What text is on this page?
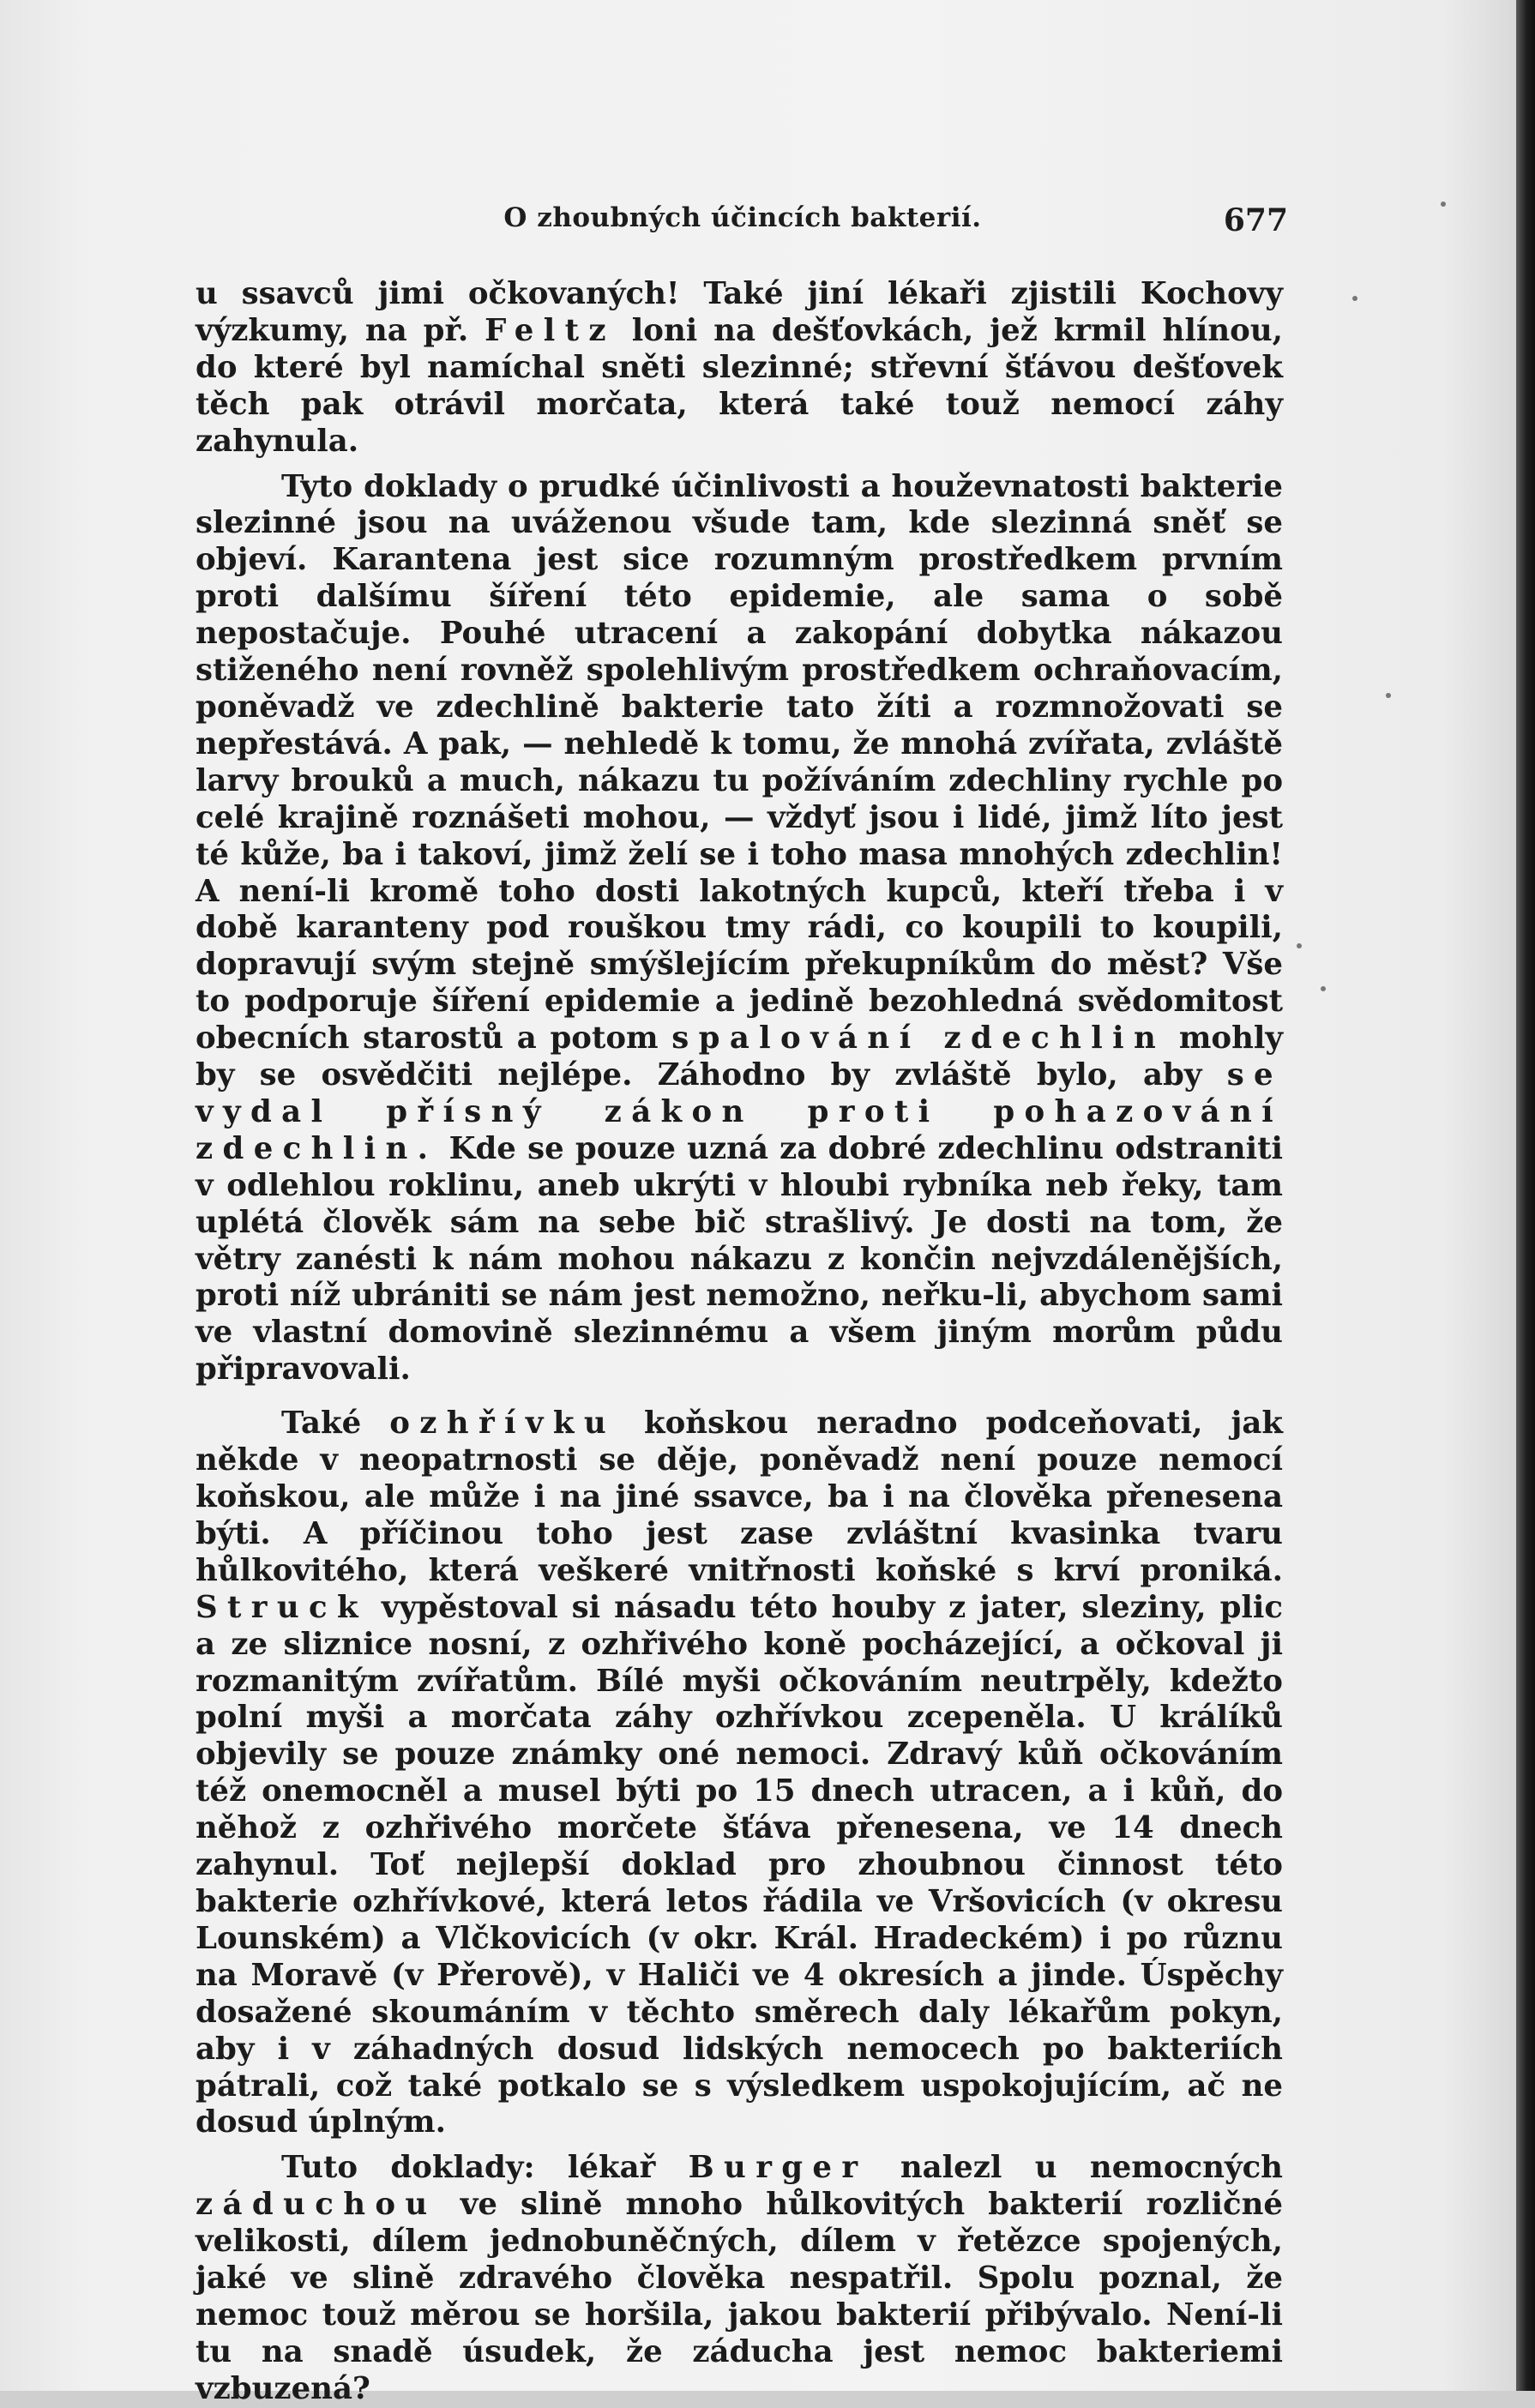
O zhoubných účincích bakterií.	677

u ssavců jimi očkovaných! Také jiní lékaři zjistili Kochovy výzkumy, na př. Feltz loni na dešťovkách, jež krmil hlínou, do které byl namíchal sněti slezinné; střevní šťávou dešťovek těch pak otrávil morčata, která také touž nemocí záhy zahynula.

Tyto doklady o prudké účinlivosti a houževnatosti bakterie slezinné jsou na uváženou všude tam, kde slezinná sněť se objeví. Karantena jest sice rozumným prostředkem prvním proti dalšímu šíření této epidemie, ale sama o sobě nepostačuje. Pouhé utracení a zakopání dobytka nákazou stiženého není rovněž spolehlivým prostředkem ochraňovacím, poněvadž ve zdechlině bakterie tato žíti a rozmnožovati se nepřestává. A pak, — nehledě k tomu, že mnohá zvířata, zvláště larvy brouků a much, nákazu tu požíváním zdechliny rychle po celé krajině roznášeti mohou, — vždyť jsou i lidé, jimž líto jest té kůže, ba i takoví, jimž želí se i toho masa mnohých zdechlin! A není-li kromě toho dosti lakotných kupců, kteří třeba i v době karanteny pod rouškou tmy rádi, co koupili to koupili, dopravují svým stejně smýšlejícím překupníkům do měst? Vše to podporuje šíření epidemie a jedině bezohledná svědomitost obecních starostů a potom spalování zdechlin mohly by se osvědčiti nejlépe. Záhodno by zvláště bylo, aby se vydal přísný zákon proti pohazování zdechlin. Kde se pouze uzná za dobré zdechlinu odstraniti v odlehlou roklinu, aneb ukrýti v hloubi rybníka neb řeky, tam uplétá člověk sám na sebe bič strašlivý. Je dosti na tom, že větry zanésti k nám mohou nákazu z končin nejvzdálenějších, proti níž ubrániti se nám jest nemožno, neřku-li, abychom sami ve vlastní domovině slezinnému a všem jiným morům půdu připravovali.

Také ozhřívku koňskou neradno podceňovati, jak někde v neopatrnosti se děje, poněvadž není pouze nemocí koňskou, ale může i na jiné ssavce, ba i na člověka přenesena býti. A příčinou toho jest zase zvláštní kvasinka tvaru hůlkovitého, která veškeré vnitřnosti koňské s krví proniká. Struck vypěstoval si násadu této houby z jater, sleziny, plic a ze sliznice nosní, z ozhřivého koně pocházející, a očkoval ji rozmanitým zvířatům. Bílé myši očkováním neutrpěly, kdežto polní myši a morčata záhy ozhřívkou zcepeněla. U králíků objevily se pouze známky oné nemoci. Zdravý kůň očkováním též onemocněl a musel býti po 15 dnech utracen, a i kůň, do něhož z ozhřivého morčete šťáva přenesena, ve 14 dnech zahynul. Toť nejlepší doklad pro zhoubnou činnost této bakterie ozhřívkové, která letos řádila ve Vršovicích (v okresu Lounském) a Vlčkovicích (v okr. Král. Hradeckém) i po různu na Moravě (v Přerově), v Haliči ve 4 okresích a jinde. Úspěchy dosažené skoumáním v těchto směrech daly lékařům pokyn, aby i v záhadných dosud lidských nemocech po bakteriích pátrali, což také potkalo se s výsledkem uspokojujícím, ač ne dosud úplným.

Tuto doklady: lékař Burger nalezl u nemocných záduchou ve slině mnoho hůlkovitých bakterií rozličné velikosti, dílem jednobuněčných, dílem v řetězce spojených, jaké ve slině zdravého člověka nespatřil. Spolu poznal, že nemoc touž měrou se horšila, jakou bakterií přibývalo. Není-li tu na snadě úsudek, že záducha jest nemoc bakteriemi vzbuzená?
